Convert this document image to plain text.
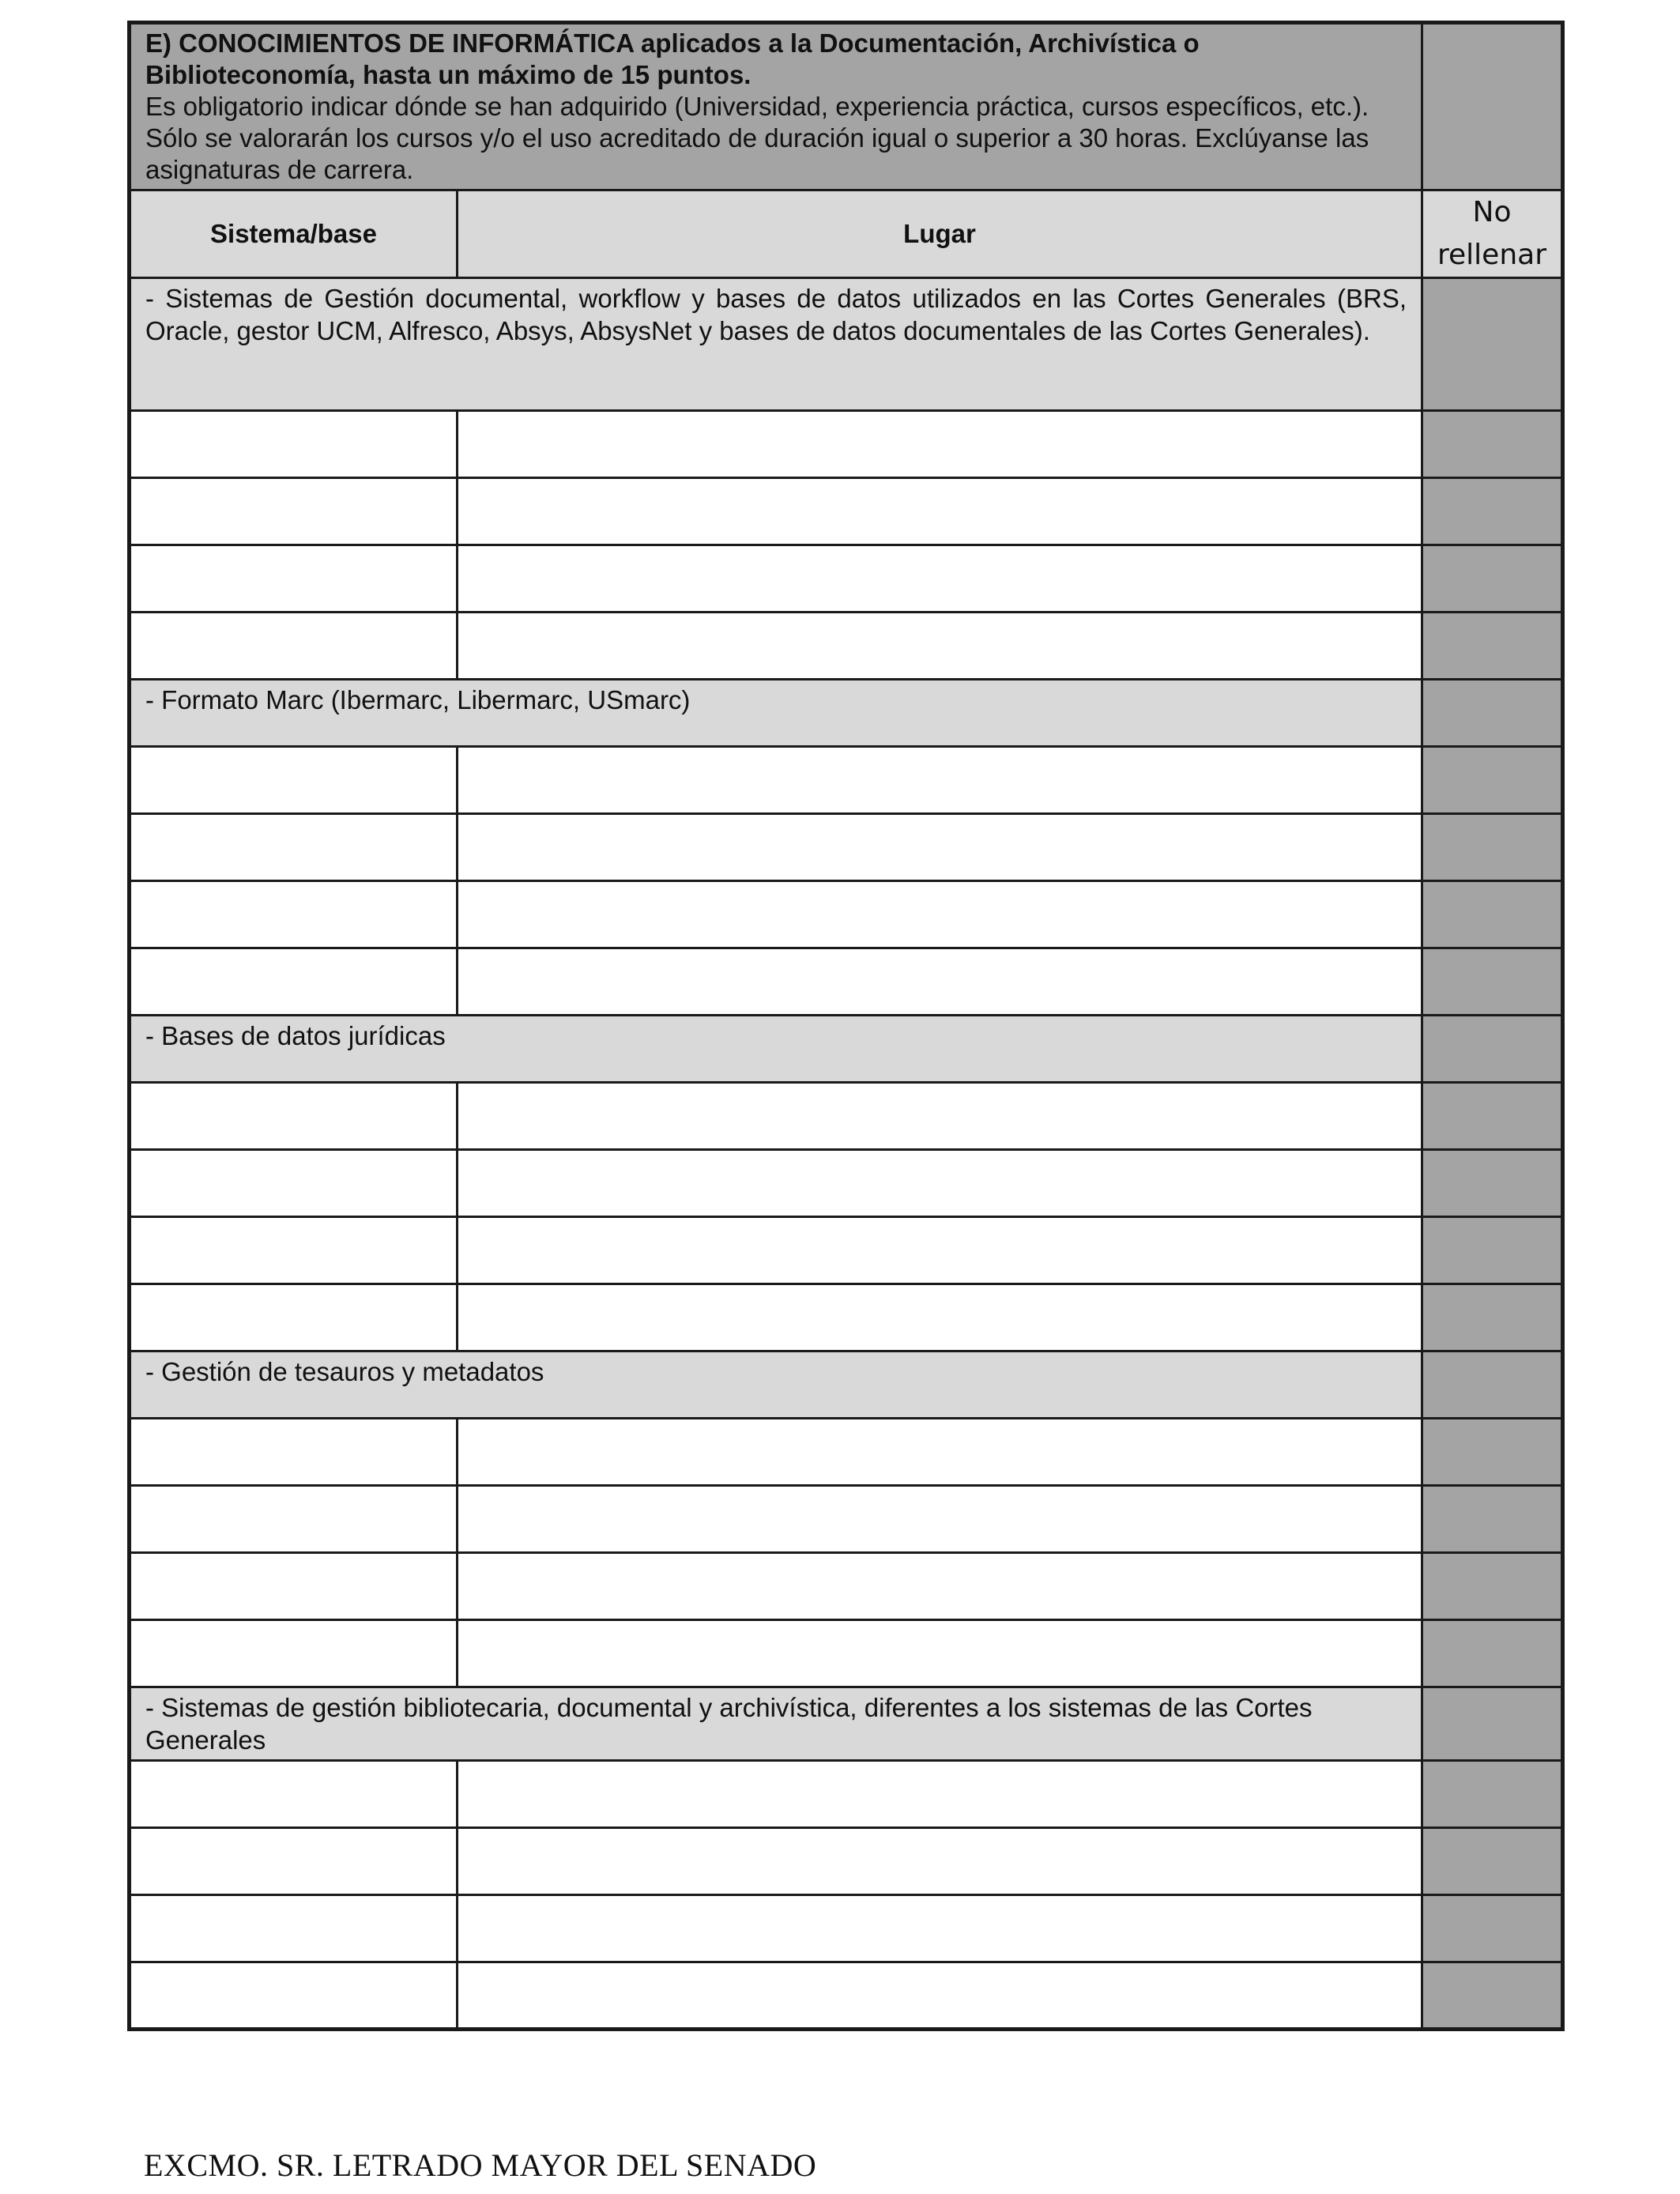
E) CONOCIMIENTOS DE INFORMÁTICA aplicados a la Documentación, Archivística o Biblioteconomía, hasta un máximo de 15 puntos.
Es obligatorio indicar dónde se han adquirido (Universidad, experiencia práctica, cursos específicos, etc.). Sólo se valorarán los cursos y/o el uso acreditado de duración igual o superior a 30 horas. Exclúyanse las asignaturas de carrera.		

Sistema/base	Lugar	No rellenar
- Sistemas de Gestión documental, workflow y bases de datos utilizados en las Cortes Generales (BRS, Oracle, gestor UCM, Alfresco, Absys, AbsysNet y bases de datos documentales de las Cortes Generales).		

- Formato Marc (Ibermarc, Libermarc, USmarc)		

- Bases de datos jurídicas		

- Gestión de tesauros y metadatos		

- Sistemas de gestión bibliotecaria, documental y archivística, diferentes a los sistemas de las Cortes Generales		

EXCMO. SR. LETRADO MAYOR DEL SENADO
